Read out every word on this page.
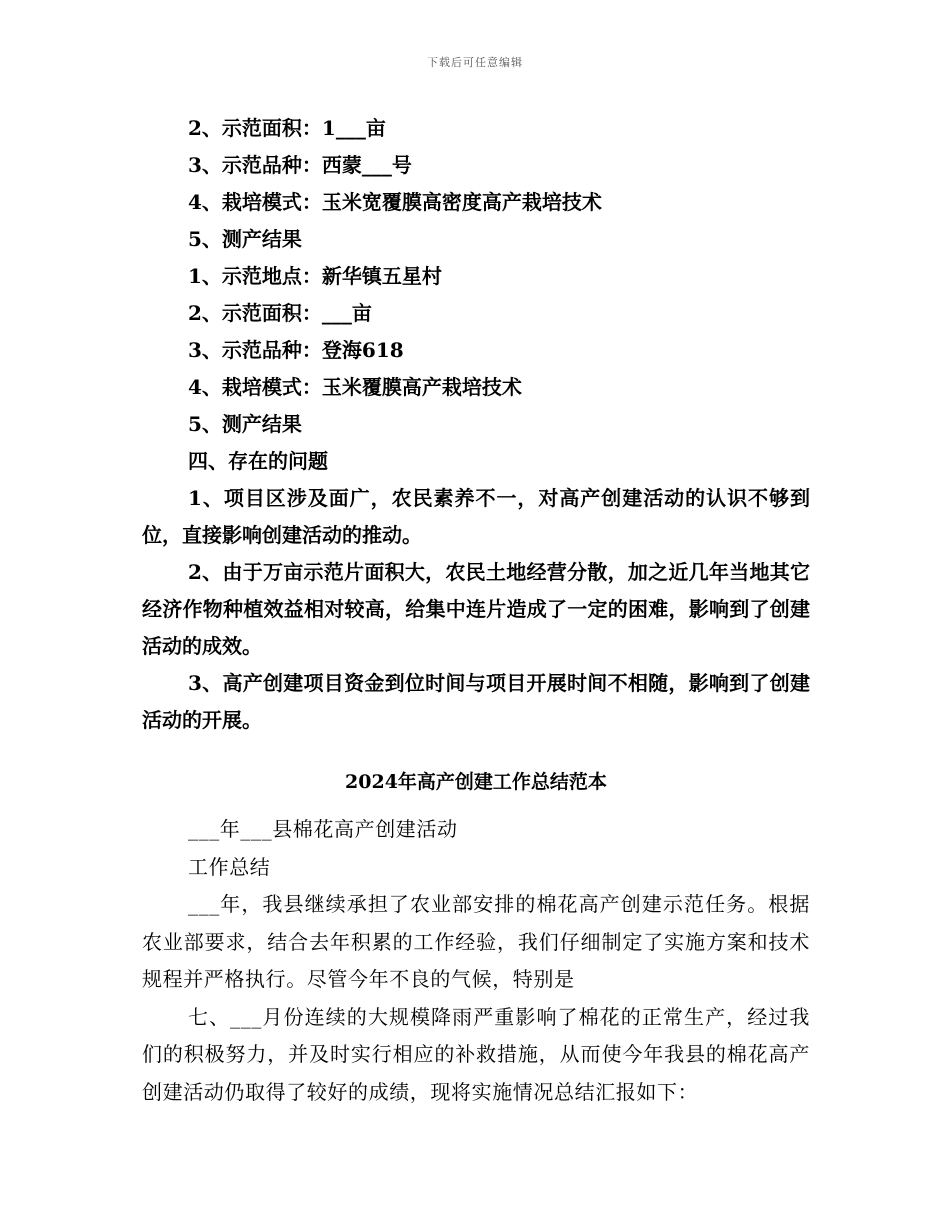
下载后可任意编辑

2、示范面积：1___亩

3、示范品种：西蒙___号

4、栽培模式：玉米宽覆膜高密度高产栽培技术

5、测产结果

1、示范地点：新华镇五星村

2、示范面积：___亩

3、示范品种：登海618

4、栽培模式：玉米覆膜高产栽培技术

5、测产结果

四、存在的问题

1、项目区涉及面广，农民素养不一，对高产创建活动的认识不够到位，直接影响创建活动的推动。

2、由于万亩示范片面积大，农民土地经营分散，加之近几年当地其它经济作物种植效益相对较高，给集中连片造成了一定的困难，影响到了创建活动的成效。

3、高产创建项目资金到位时间与项目开展时间不相随，影响到了创建活动的开展。

2024年高产创建工作总结范本

___年___县棉花高产创建活动

工作总结

___年，我县继续承担了农业部安排的棉花高产创建示范任务。根据农业部要求，结合去年积累的工作经验，我们仔细制定了实施方案和技术规程并严格执行。尽管今年不良的气候，特别是

七、___月份连续的大规模降雨严重影响了棉花的正常生产，经过我们的积极努力，并及时实行相应的补救措施，从而使今年我县的棉花高产创建活动仍取得了较好的成绩，现将实施情况总结汇报如下：
